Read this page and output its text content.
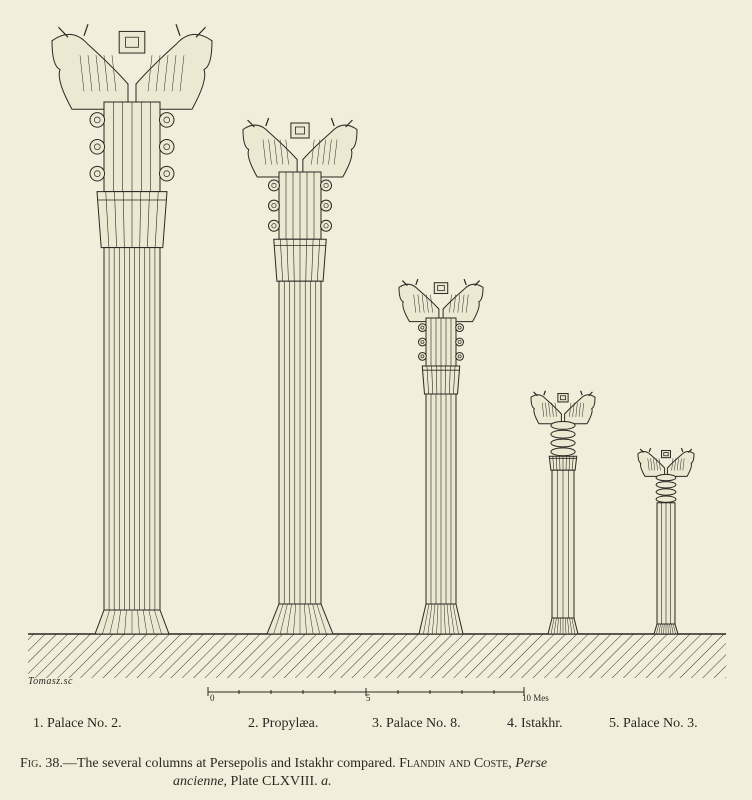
Tomasz.sc
0	5	10 Mes
1. Palace No. 2.	2. Propylæa.	3. Palace No. 8.	4. Istakhr.	5. Palace No. 3.
Fig. 38.—The several columns at Persepolis and Istakhr compared. Flandin and Coste, Perse
ancienne, Plate CLXVIII. a.
